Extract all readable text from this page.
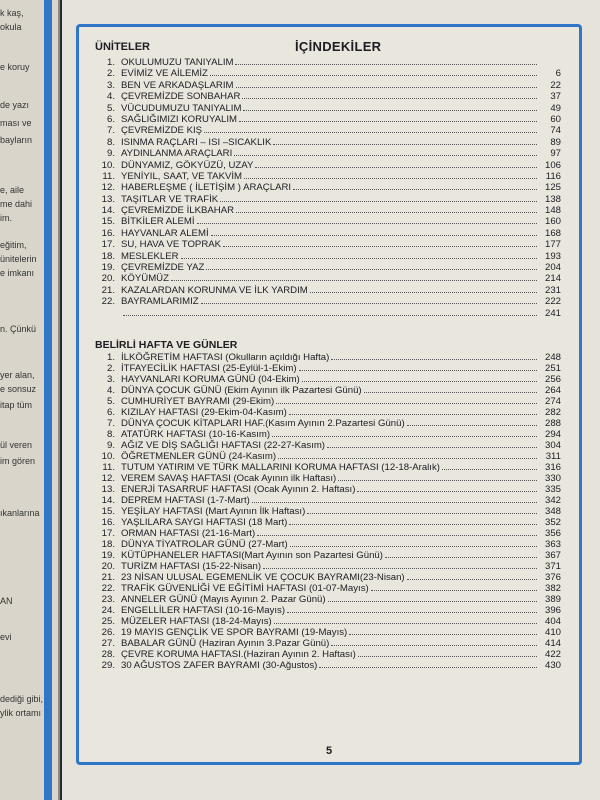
k kaş,
okula
e koruy
de yazı
ması ve
bayların
e, aile
me dahi
im.
eğitim,
ünitelerin
e imkanı
n. Çünkü
yer alan,
e sonsuz
itap tüm
ül veren
im gören
ıkanlarına
AN
evi
dediği gibi,
ylik ortamı
ÜNİTELER	İÇİNDEKİLER
1. OKULUMUZU TANIYALIM
2. EVİMİZ VE AİLEMİZ	6
3. BEN VE ARKADAŞLARIM	22
4. ÇEVREMİZDE SONBAHAR	37
5. VÜCUDUMUZU TANIYALIM	49
6. SAĞLIĞIMIZI KORUYALIM	60
7. ÇEVREMİZDE KIŞ	74
8. ISINMA RAÇLARI – ISI –SICAKLIK	89
9. AYDINLANMA ARAÇLARI	97
10. DÜNYAMIZ, GÖKYÜZÜ, UZAY	106
11. YENİYIL, SAAT, VE TAKVİM	116
12. HABERLEŞME ( İLETİŞİM ) ARAÇLARI	125
13. TAŞITLAR VE TRAFİK	138
14. ÇEVREMİZDE İLKBAHAR	148
15. BİTKİLER ALEMİ	160
16. HAYVANLAR ALEMİ	168
17. SU, HAVA VE TOPRAK	177
18. MESLEKLER	193
19. ÇEVREMİZDE YAZ	204
20. KÖYÜMÜZ	214
21. KAZALARDAN KORUNMA VE İLK YARDIM	231
22. BAYRAMLARIMIZ	222
241
BELİRLİ HAFTA VE GÜNLER
1. İLKÖĞRETİM HAFTASI (Okulların açıldığı Hafta)	248
2. İTFAYECİLİK HAFTASI (25-Eylül-1-Ekim)	251
3. HAYVANLARI KORUMA GÜNÜ (04-Ekim)	256
4. DÜNYA ÇOCUK GÜNÜ (Ekim Ayının ilk Pazartesi Günü)	264
5. CUMHURİYET BAYRAMI (29-Ekim)	274
6. KIZILAY HAFTASI (29-Ekim-04-Kasım)	282
7. DÜNYA ÇOCUK KİTAPLARI HAF.(Kasım Ayının 2.Pazartesi Günü)	288
8. ATATÜRK HAFTASI (10-16-Kasım)	294
9. AĞIZ VE DİŞ SAĞLIĞI HAFTASI (22-27-Kasım)	304
10. ÖĞRETMENLER GÜNÜ (24-Kasım)	311
11. TUTUM YATIRIM VE TÜRK MALLARINI KORUMA HAFTASI (12-18-Aralık)	316
12. VEREM SAVAŞ HAFTASI (Ocak Ayının ilk Haftası)	330
13. ENERJİ TASARRUF HAFTASI (Ocak Ayının 2. Haftası)	335
14. DEPREM HAFTASI (1-7-Mart)	342
15. YEŞİLAY HAFTASI (Mart Ayının İlk Haftası)	348
16. YAŞLILARA SAYGI HAFTASI (18 Mart)	352
17. ORMAN HAFTASI (21-16-Mart)	356
18. DÜNYA TİYATROLAR GÜNÜ (27-Mart)	363
19. KÜTÜPHANELER HAFTASI(Mart Ayının son Pazartesi Günü)	367
20. TURİZM HAFTASI (15-22-Nisan)	371
21. 23 NİSAN ULUSAL EGEMENLİK VE ÇOCUK BAYRAMI(23-Nisan)	376
22. TRAFİK GÜVENLİĞİ VE EĞİTİMİ HAFTASI (01-07-Mayıs)	382
23. ANNELER GÜNÜ (Mayıs Ayının 2. Pazar Günü)	389
24. ENGELLİLER HAFTASI (10-16-Mayıs)	396
25. MÜZELER HAFTASI (18-24-Mayıs)	404
26. 19 MAYIS GENÇLİK VE SPOR BAYRAMI (19-Mayıs)	410
27. BABALAR GÜNÜ (Haziran Ayının 3.Pazar Günü)	414
28. ÇEVRE KORUMA HAFTASI.(Haziran Ayının 2. Haftası)	422
29. 30 AĞUSTOS ZAFER BAYRAMI (30-Ağustos)	430
5
